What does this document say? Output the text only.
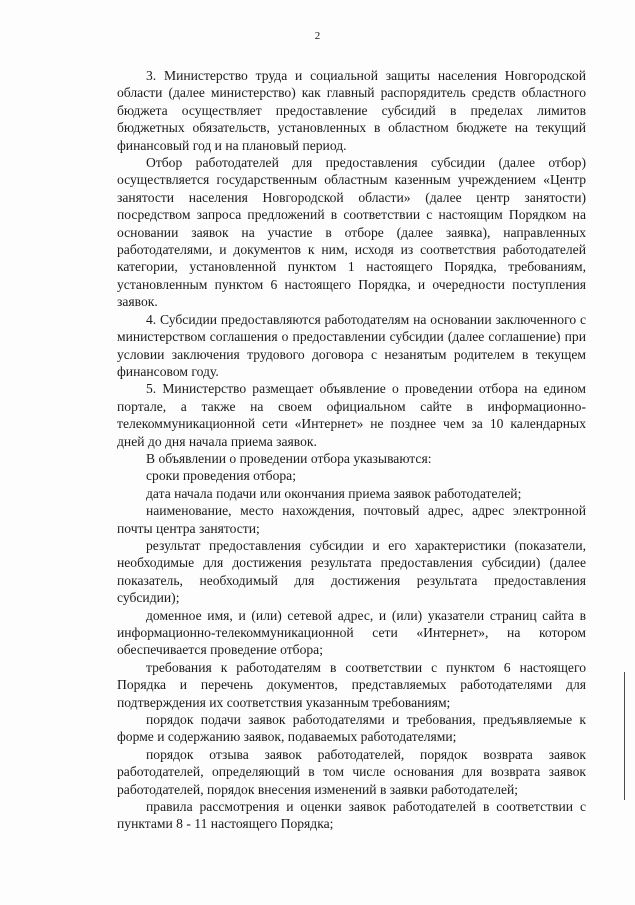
2

3. Министерство труда и социальной защиты населения Новгородской области (далее министерство) как главный распорядитель средств областного бюджета осуществляет предоставление субсидий в пределах лимитов бюджетных обязательств, установленных в областном бюджете на текущий финансовый год и на плановый период.

Отбор работодателей для предоставления субсидии (далее отбор) осуществляется государственным областным казенным учреждением «Центр занятости населения Новгородской области» (далее центр занятости) посредством запроса предложений в соответствии с настоящим Порядком на основании заявок на участие в отборе (далее заявка), направленных работодателями, и документов к ним, исходя из соответствия работодателей категории, установленной пунктом 1 настоящего Порядка, требованиям, установленным пунктом 6 настоящего Порядка, и очередности поступления заявок.

4. Субсидии предоставляются работодателям на основании заключенного с министерством соглашения о предоставлении субсидии (далее соглашение) при условии заключения трудового договора с незанятым родителем в текущем финансовом году.

5. Министерство размещает объявление о проведении отбора на едином портале, а также на своем официальном сайте в информационно-телекоммуникационной сети «Интернет» не позднее чем за 10 календарных дней до дня начала приема заявок.

В объявлении о проведении отбора указываются:

сроки проведения отбора;

дата начала подачи или окончания приема заявок работодателей;

наименование, место нахождения, почтовый адрес, адрес электронной почты центра занятости;

результат предоставления субсидии и его характеристики (показатели, необходимые для достижения результата предоставления субсидии) (далее показатель, необходимый для достижения результата предоставления субсидии);

доменное имя, и (или) сетевой адрес, и (или) указатели страниц сайта в информационно-телекоммуникационной сети «Интернет», на котором обеспечивается проведение отбора;

требования к работодателям в соответствии с пунктом 6 настоящего Порядка и перечень документов, представляемых работодателями для подтверждения их соответствия указанным требованиям;

порядок подачи заявок работодателями и требования, предъявляемые к форме и содержанию заявок, подаваемых работодателями;

порядок отзыва заявок работодателей, порядок возврата заявок работодателей, определяющий в том числе основания для возврата заявок работодателей, порядок внесения изменений в заявки работодателей;

правила рассмотрения и оценки заявок работодателей в соответствии с пунктами 8 - 11 настоящего Порядка;
